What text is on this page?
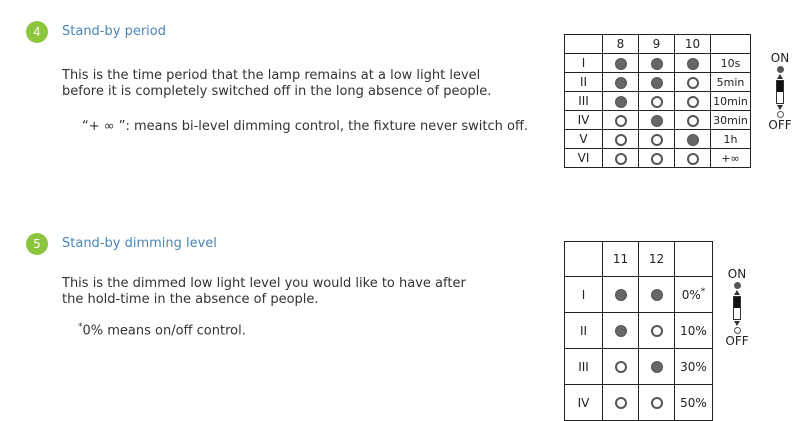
4	Stand-by period
This is the time period that the lamp remains at a low light level before it is completely switched off in the long absence of people.
“+ ∞ ”: means bi-level dimming control, the fixture never switch off.
	8	9	10	
I				10s
II				5min
III				10min
IV				30min
V				1h
VI				+∞
ON
OFF
5	Stand-by dimming level
This is the dimmed low light level you would like to have after the hold-time in the absence of people.
*0% means on/off control.
	11	12	
I			0%*
II			10%
III			30%
IV			50%
ON
OFF
